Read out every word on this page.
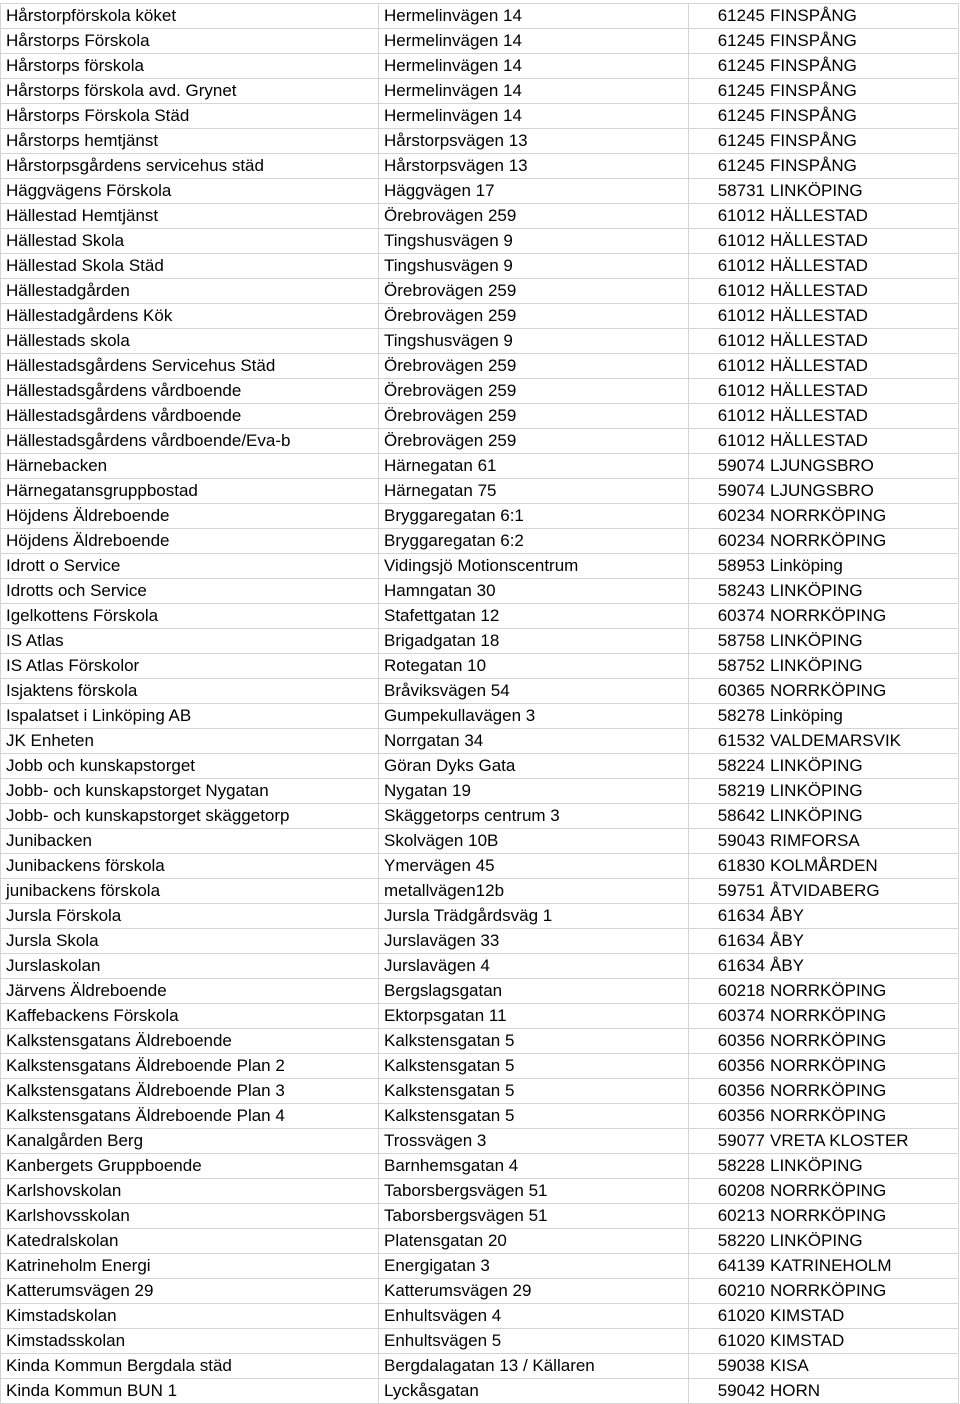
Hårstorpförskola köket	Hermelinvägen 14	61245 FINSPÅNG
Hårstorps Förskola	Hermelinvägen 14	61245 FINSPÅNG
Hårstorps förskola	Hermelinvägen 14	61245 FINSPÅNG
Hårstorps förskola avd. Grynet	Hermelinvägen 14	61245 FINSPÅNG
Hårstorps Förskola Städ	Hermelinvägen 14	61245 FINSPÅNG
Hårstorps hemtjänst	Hårstorpsvägen 13	61245 FINSPÅNG
Hårstorpsgårdens servicehus städ	Hårstorpsvägen 13	61245 FINSPÅNG
Häggvägens Förskola	Häggvägen 17	58731 LINKÖPING
Hällestad Hemtjänst	Örebrovägen 259	61012 HÄLLESTAD
Hällestad Skola	Tingshusvägen 9	61012 HÄLLESTAD
Hällestad Skola Städ	Tingshusvägen 9	61012 HÄLLESTAD
Hällestadgården	Örebrovägen 259	61012 HÄLLESTAD
Hällestadgårdens Kök	Örebrovägen 259	61012 HÄLLESTAD
Hällestads skola	Tingshusvägen 9	61012 HÄLLESTAD
Hällestadsgårdens Servicehus Städ	Örebrovägen 259	61012 HÄLLESTAD
Hällestadsgårdens vårdboende	Örebrovägen 259	61012 HÄLLESTAD
Hällestadsgårdens vårdboende	Örebrovägen 259	61012 HÄLLESTAD
Hällestadsgårdens vårdboende/Eva-b	Örebrovägen 259	61012 HÄLLESTAD
Härnebacken	Härnegatan 61	59074 LJUNGSBRO
Härnegatansgruppbostad	Härnegatan 75	59074 LJUNGSBRO
Höjdens Äldreboende	Bryggaregatan 6:1	60234 NORRKÖPING
Höjdens Äldreboende	Bryggaregatan 6:2	60234 NORRKÖPING
Idrott o Service	Vidingsjö Motionscentrum	58953 Linköping
Idrotts och Service	Hamngatan 30	58243 LINKÖPING
Igelkottens Förskola	Stafettgatan 12	60374 NORRKÖPING
IS Atlas	Brigadgatan 18	58758 LINKÖPING
IS Atlas Förskolor	Rotegatan 10	58752 LINKÖPING
Isjaktens förskola	Bråviksvägen 54	60365 NORRKÖPING
Ispalatset i Linköping AB	Gumpekullavägen 3	58278 Linköping
JK Enheten	Norrgatan 34	61532 VALDEMARSVIK
Jobb och kunskapstorget	Göran Dyks Gata	58224 LINKÖPING
Jobb- och kunskapstorget Nygatan	Nygatan 19	58219 LINKÖPING
Jobb- och kunskapstorget skäggetorp	Skäggetorps centrum 3	58642 LINKÖPING
Junibacken	Skolvägen 10B	59043 RIMFORSA
Junibackens förskola	Ymervägen 45	61830 KOLMÅRDEN
junibackens förskola	metallvägen12b	59751 ÅTVIDABERG
Jursla Förskola	Jursla Trädgårdsväg 1	61634 ÅBY
Jursla Skola	Jurslavägen 33	61634 ÅBY
Jurslaskolan	Jurslavägen 4	61634 ÅBY
Järvens Äldreboende	Bergslagsgatan	60218 NORRKÖPING
Kaffebackens Förskola	Ektorpsgatan 11	60374 NORRKÖPING
Kalkstensgatans Äldreboende	Kalkstensgatan 5	60356 NORRKÖPING
Kalkstensgatans Äldreboende Plan 2	Kalkstensgatan 5	60356 NORRKÖPING
Kalkstensgatans Äldreboende Plan 3	Kalkstensgatan 5	60356 NORRKÖPING
Kalkstensgatans Äldreboende Plan 4	Kalkstensgatan 5	60356 NORRKÖPING
Kanalgården Berg	Trossvägen 3	59077 VRETA KLOSTER
Kanbergets Gruppboende	Barnhemsgatan 4	58228 LINKÖPING
Karlshovskolan	Taborsbergsvägen 51	60208 NORRKÖPING
Karlshovsskolan	Taborsbergsvägen 51	60213 NORRKÖPING
Katedralskolan	Platensgatan 20	58220 LINKÖPING
Katrineholm Energi	Energigatan 3	64139 KATRINEHOLM
Katterumsvägen 29	Katterumsvägen 29	60210 NORRKÖPING
Kimstadskolan	Enhultsvägen 4	61020 KIMSTAD
Kimstadsskolan	Enhultsvägen 5	61020 KIMSTAD
Kinda Kommun Bergdala städ	Bergdalagatan 13 / Källaren	59038 KISA
Kinda Kommun BUN 1	Lyckåsgatan	59042 HORN
